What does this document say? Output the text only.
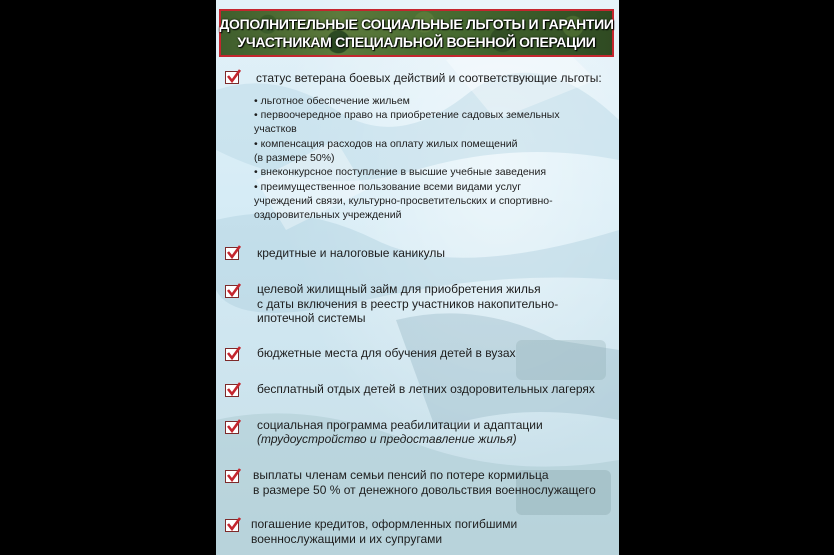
ДОПОЛНИТЕЛЬНЫЕ СОЦИАЛЬНЫЕ ЛЬГОТЫ И ГАРАНТИИ
УЧАСТНИКАМ СПЕЦИАЛЬНОЙ ВОЕННОЙ ОПЕРАЦИИ
статус ветерана боевых действий и соответствующие льготы:
• льготное обеспечение жильем
• первоочередное право на приобретение садовых земельных
участков
• компенсация расходов на оплату жилых помещений
(в размере 50%)
• внеконкурсное поступление в высшие учебные заведения
• преимущественное пользование всеми видами услуг
учреждений связи, культурно-просветительских и спортивно-
оздоровительных учреждений
кредитные и налоговые каникулы
целевой жилищный займ для приобретения жилья
с даты включения в реестр участников накопительно-
ипотечной системы
бюджетные места для обучения детей в вузах
бесплатный отдых детей в летних оздоровительных лагерях
социальная программа реабилитации и адаптации
(трудоустройство и предоставление жилья)
выплаты членам семьи пенсий по потере кормильца
в размере 50 % от денежного довольствия военнослужащего
погашение кредитов, оформленных погибшими
военнослужащими и их супругами
